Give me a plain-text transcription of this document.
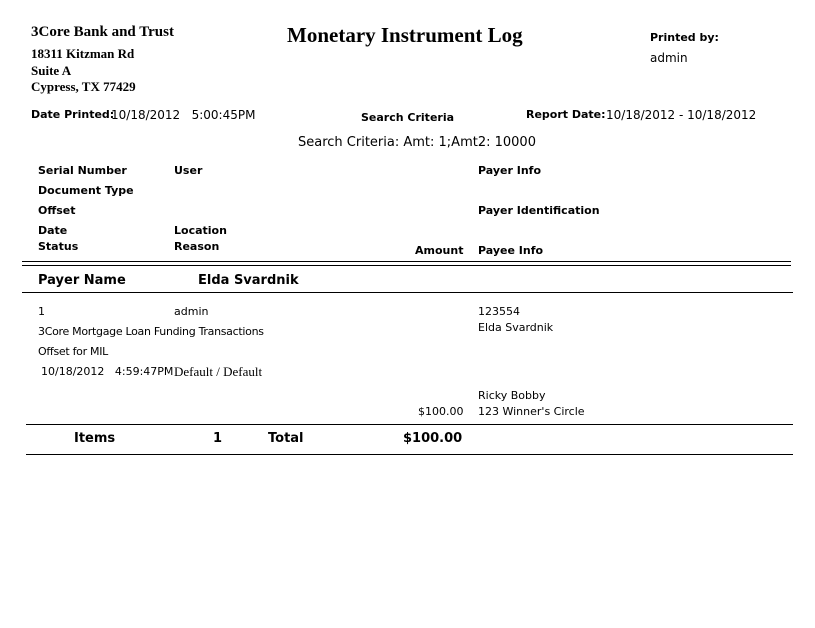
3Core Bank and Trust
18311 Kitzman Rd
Suite A
Cypress, TX 77429
Monetary Instrument Log	Printed by:
admin
Date Printed:
10/18/2012   5:00:45PM	Search Criteria	Report Date: 10/18/2012 - 10/18/2012
Search Criteria: Amt: 1;Amt2: 10000
Serial Number	User	Payer Info
Document Type
Offset	Payer Identification
Date	Location
Status	Reason	Amount Payee Info
Payer Name	Elda Svardnik
1	admin	123554
Elda Svardnik
3Core Mortgage Loan Funding Transactions
Offset for MIL
10/18/2012   4:59:47PM Default / Default
Ricky Bobby
$100.00 123 Winner's Circle
Items	1	Total	$100.00
